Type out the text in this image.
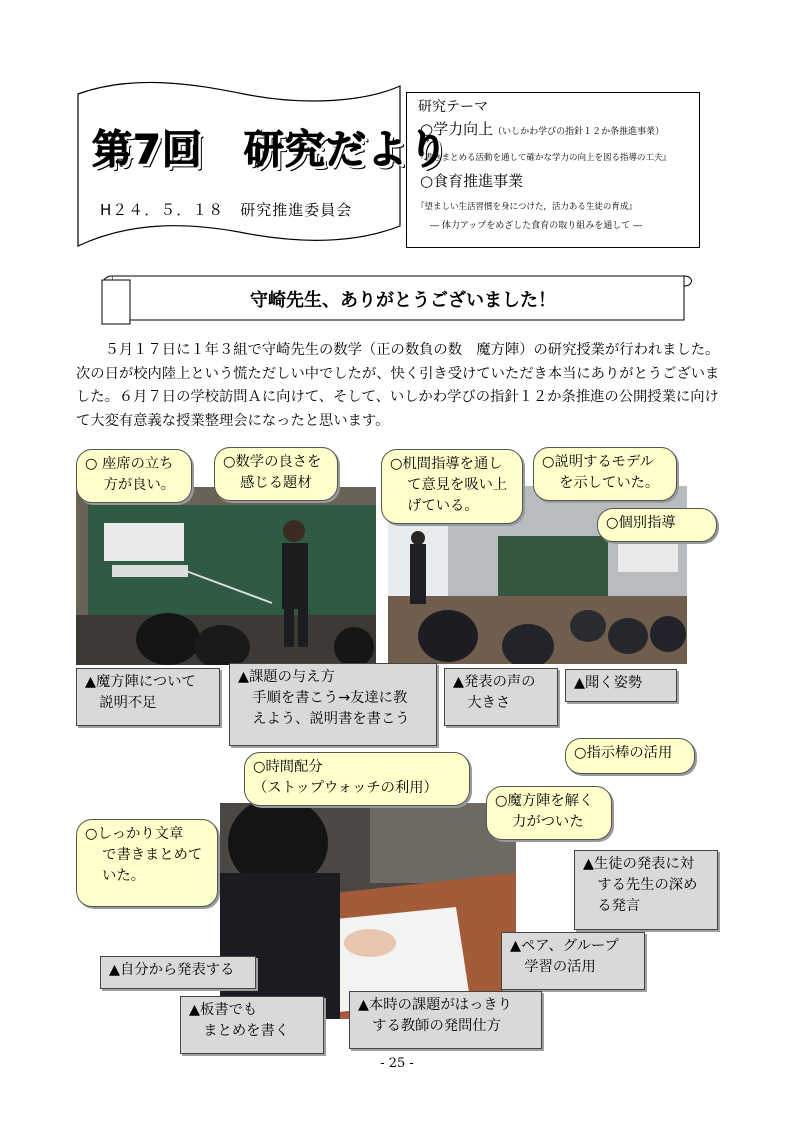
第7回　研究だより
H２４．５．１８　研究推進委員会
研究テーマ
○学力向上（いしかわ学びの指針１２か条推進事業）
『書きまとめる活動を通して確かな学力の向上を図る指導の工夫』
○食育推進事業
『望ましい生活習慣を身につけた，活力ある生徒の育成』
― 体力アップをめざした食育の取り組みを通して ―
守崎先生、ありがとうございました！
５月１７日に１年３組で守崎先生の数学（正の数負の数　魔方陣）の研究授業が行われました。次の日が校内陸上という慌ただしい中でしたが、快く引き受けていただき本当にありがとうございました。６月７日の学校訪問Ａに向けて、そして、いしかわ学びの指針１２か条推進の公開授業に向けて大変有意義な授業整理会になったと思います。
○ 座席の立ち
方が良い。
○数学の良さを
感じる題材
○机間指導を通し
て意見を吸い上
げている。
○説明するモデル
を示していた。
○個別指導
○時間配分
（ストップウォッチの利用）
○指示棒の活用
○魔方陣を解く
力がついた
○しっかり文章
で書きまとめて
いた。
▲魔方陣について
説明不足
▲課題の与え方
手順を書こう→友達に教
えよう、説明書を書こう
▲発表の声の
大きさ
▲聞く姿勢
▲生徒の発表に対
する先生の深め
る発言
▲ペア、グループ
学習の活用
▲自分から発表する
▲板書でも
まとめを書く
▲本時の課題がはっきり
する教師の発問仕方
- 25 -
